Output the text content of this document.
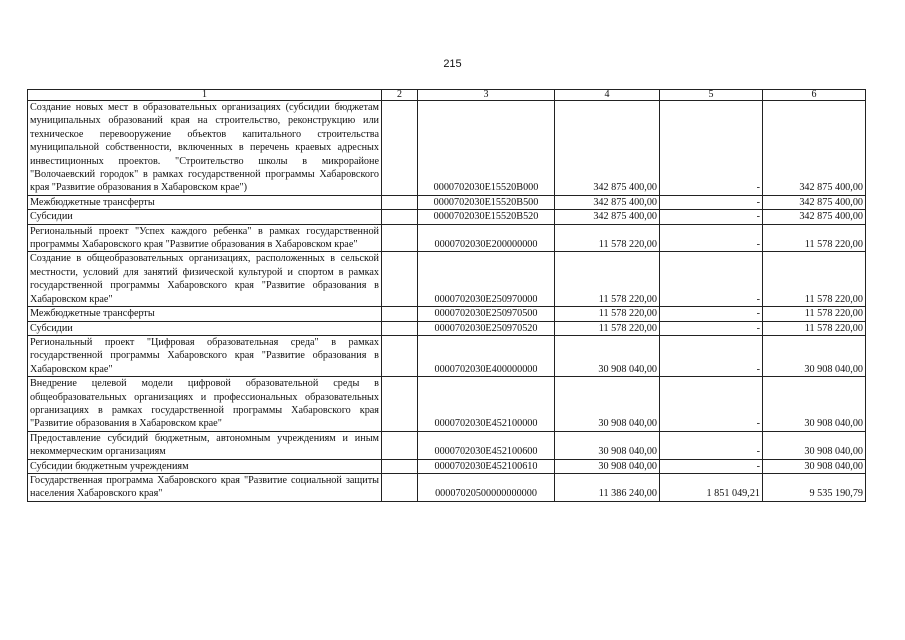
215
1	2	3	4	5	6
Создание новых мест в образовательных организациях (субсидии бюджетам муниципальных образований края на строительство, реконструкцию или техническое перевооружение объектов капитального строительства муниципальной собственности, включенных в перечень краевых адресных инвестиционных проектов. "Строительство школы в микрорайоне "Волочаевский городок" в рамках государственной программы Хабаровского края "Развитие образования в Хабаровском крае")		0000702030E15520B000	342 875 400,00	-	342 875 400,00
Межбюджетные трансферты		0000702030E15520B500	342 875 400,00	-	342 875 400,00
Субсидии		0000702030E15520B520	342 875 400,00	-	342 875 400,00
Региональный проект "Успех каждого ребенка" в рамках государственной программы Хабаровского края "Развитие образования в Хабаровском крае"		0000702030E200000000	11 578 220,00	-	11 578 220,00
Создание в общеобразовательных организациях, расположенных в сельской местности, условий для занятий физической культурой и спортом в рамках государственной программы Хабаровского края "Развитие образования в Хабаровском крае"		0000702030E250970000	11 578 220,00	-	11 578 220,00
Межбюджетные трансферты		0000702030E250970500	11 578 220,00	-	11 578 220,00
Субсидии		0000702030E250970520	11 578 220,00	-	11 578 220,00
Региональный проект "Цифровая образовательная среда" в рамках государственной программы Хабаровского края "Развитие образования в Хабаровском крае"		0000702030E400000000	30 908 040,00	-	30 908 040,00
Внедрение целевой модели цифровой образовательной среды в общеобразовательных организациях и профессиональных образовательных организациях в рамках государственной программы Хабаровского края "Развитие образования в Хабаровском крае"		0000702030E452100000	30 908 040,00	-	30 908 040,00
Предоставление субсидий бюджетным, автономным учреждениям и иным некоммерческим организациям		0000702030E452100600	30 908 040,00	-	30 908 040,00
Субсидии бюджетным учреждениям		0000702030E452100610	30 908 040,00	-	30 908 040,00
Государственная программа Хабаровского края "Развитие социальной защиты населения Хабаровского края"		00007020500000000000	11 386 240,00	1 851 049,21	9 535 190,79
